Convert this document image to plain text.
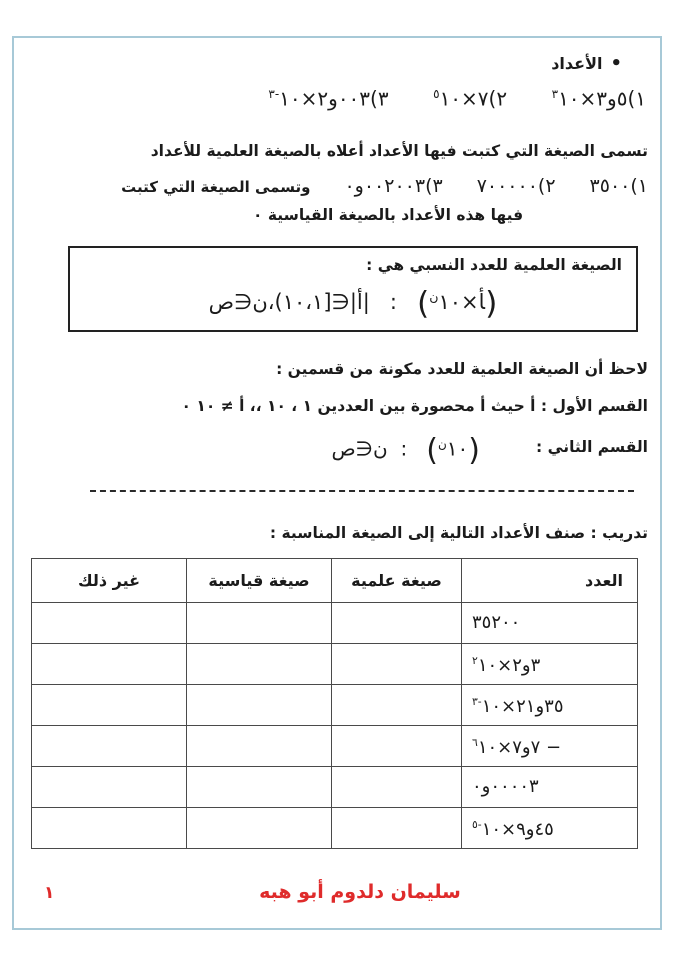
•
الأعداد
$^{٣-}$١٠×٢و٠٠٣(٣	$^٥$١٠×٧(٢	$^٣$١٠×٣و٥(١
تسمى الصيغة التي كتبت فيها الأعداد أعلاه بالصيغة العلمية للأعداد
٣٥٠٠(١
٧٠٠٠٠٠(٢
٠و٠٠٢٠٠٣(٣
وتسمى الصيغة التي كتبت
فيها هذه الأعداد بالصيغة القياسية ٠
الصيغة العلمية للعدد النسبي هي :
ص∋ن،(١٠،١]∋|أ|   :   ($^ن$١٠×أ)
لاحظ أن الصيغة العلمية للعدد مكونة من قسمين :
القسم الأول : أ حيث أ محصورة بين العددين ١ ، ١٠ ،، أ ≠ ١٠ ٠
القسم الثاني :
ص∋ن  :   ($^ن$١٠)
تدريب : صنف الأعداد التالية إلى الصيغة المناسبة :
العدد	صيغة علمية	صيغة قياسية	غير ذلك
٣٥٢٠٠			
$^٢$١٠×٢و٣			
$^{٣-}$١٠×٢١و٣٥			
$^٦$١٠×٧و٧ −			
٠و٠٠٠٠٣			
$^{٥-}$١٠×٩و٤٥			
سليمان دلدوم أبو هبه
١
